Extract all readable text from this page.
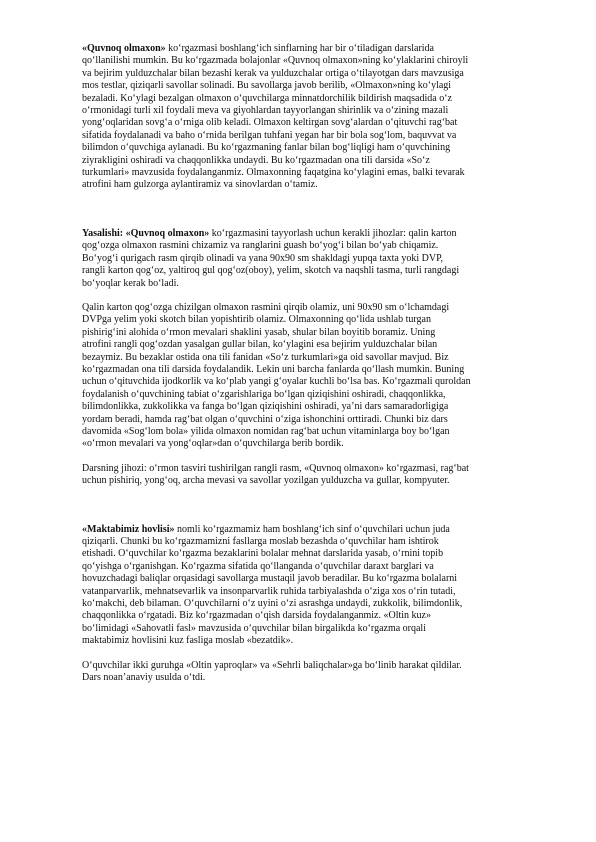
«Quvnoq olmaxon» ko‘rgazmasi boshlang‘ich sinflarning har bir o‘tiladigan darslarida
qo‘llanilishi mumkin. Bu ko‘rgazmada bolajonlar «Quvnoq olmaxon»ning ko‘ylaklarini chiroyli
va bejirim yulduzchalar bilan bezashi kerak va yulduzchalar ortiga o‘tilayotgan dars mavzusiga
mos testlar, qiziqarli savollar solinadi. Bu savollarga javob berilib, «Olmaxon»ning ko‘ylagi
bezaladi. Ko‘ylagi bezalgan olmaxon o‘quvchilarga minnatdorchilik bildirish maqsadida o‘z
o‘rmonidagi turli xil foydali meva va giyohlardan tayyorlangan shirinlik va o‘zining mazali
yong‘oqlaridan sovg‘a o‘rniga olib keladi. Olmaxon keltirgan sovg‘alardan o‘qituvchi rag‘bat
sifatida foydalanadi va baho o‘rnida berilgan tuhfani yegan har bir bola sog‘lom, baquvvat va
bilimdon o‘quvchiga aylanadi. Bu ko‘rgazmaning fanlar bilan bog‘liqligi ham o‘quvchining
ziyrakligini oshiradi va chaqqonlikka undaydi. Bu ko‘rgazmadan ona tili darsida «So‘z
turkumlari» mavzusida foydalanganmiz. Olmaxonning faqatgina ko‘ylagini emas, balki tevarak
atrofini ham gulzorga aylantiramiz va sinovlardan o‘tamiz.

Yasalishi: «Quvnoq olmaxon» ko‘rgazmasini tayyorlash uchun kerakli jihozlar: qalin karton
qog‘ozga olmaxon rasmini chizamiz va ranglarini guash bo‘yog‘i bilan bo‘yab chiqamiz.
Bo‘yog‘i qurigach rasm qirqib olinadi va yana 90x90 sm shakldagi yupqa taxta yoki DVP,
rangli karton qog‘oz, yaltiroq gul qog‘oz(oboy), yelim, skotch va naqshli tasma, turli rangdagi
bo‘yoqlar kerak bo‘ladi.

Qalin karton qog‘ozga chizilgan olmaxon rasmini qirqib olamiz, uni 90x90 sm o‘lchamdagi
DVPga yelim yoki skotch bilan yopishtirib olamiz. Olmaxonning qo‘lida ushlab turgan
pishirig‘ini alohida o‘rmon mevalari shaklini yasab, shular bilan boyitib boramiz. Uning
atrofini rangli qog‘ozdan yasalgan gullar bilan, ko‘ylagini esa bejirim yulduzchalar bilan
bezaymiz. Bu bezaklar ostida ona tili fanidan «So‘z turkumlari»ga oid savollar mavjud. Biz
ko‘rgazmadan ona tili darsida foydalandik. Lekin uni barcha fanlarda qo‘llash mumkin. Buning
uchun o‘qituvchida ijodkorlik va ko‘plab yangi g‘oyalar kuchli bo‘lsa bas. Ko‘rgazmali quroldan
foydalanish o‘quvchining tabiat o‘zgarishlariga bo‘lgan qiziqishini oshiradi, chaqqonlikka,
bilimdonlikka, zukkolikka va fanga bo‘lgan qiziqishini oshiradi, ya’ni dars samaradorligiga
yordam beradi, hamda rag‘bat olgan o‘quvchini o‘ziga ishonchini orttiradi. Chunki biz dars
davomida «Sog‘lom bola» yilida olmaxon nomidan rag‘bat uchun vitaminlarga boy bo‘lgan
«o‘rmon mevalari va yong‘oqlar»dan o‘quvchilarga berib bordik.

Darsning jihozi: o‘rmon tasviri tushirilgan rangli rasm, «Quvnoq olmaxon» ko‘rgazmasi, rag‘bat
uchun pishiriq, yong‘oq, archa mevasi va savollar yozilgan yulduzcha va gullar, kompyuter.

«Maktabimiz hovlisi» nomli ko‘rgazmamiz ham boshlang‘ich sinf o‘quvchilari uchun juda
qiziqarli. Chunki bu ko‘rgazmamizni fasllarga moslab bezashda o‘quvchilar ham ishtirok
etishadi. O‘quvchilar ko‘rgazma bezaklarini bolalar mehnat darslarida yasab, o‘rnini topib
qo‘yishga o‘rganishgan. Ko‘rgazma sifatida qo‘llanganda o‘quvchilar daraxt barglari va
hovuzchadagi baliqlar orqasidagi savollarga mustaqil javob beradilar. Bu ko‘rgazma bolalarni
vatanparvarlik, mehnatsevarlik va insonparvarlik ruhida tarbiyalashda o‘ziga xos o‘rin tutadi,
ko‘makchi, deb bilaman. O‘quvchilarni o‘z uyini o‘zi asrashga undaydi, zukkolik, bilimdonlik,
chaqqonlikka o‘rgatadi. Biz ko‘rgazmadan o‘qish darsida foydalanganmiz. «Oltin kuz»
bo‘limidagi «Sahovatli fasl» mavzusida o‘quvchilar bilan birgalikda ko‘rgazma orqali
maktabimiz hovlisini kuz fasliga moslab «bezatdik».

O‘quvchilar ikki guruhga «Oltin yaproqlar» va «Sehrli baliqchalar»ga bo‘linib harakat qildilar.
Dars noan’anaviy usulda o‘tdi.
